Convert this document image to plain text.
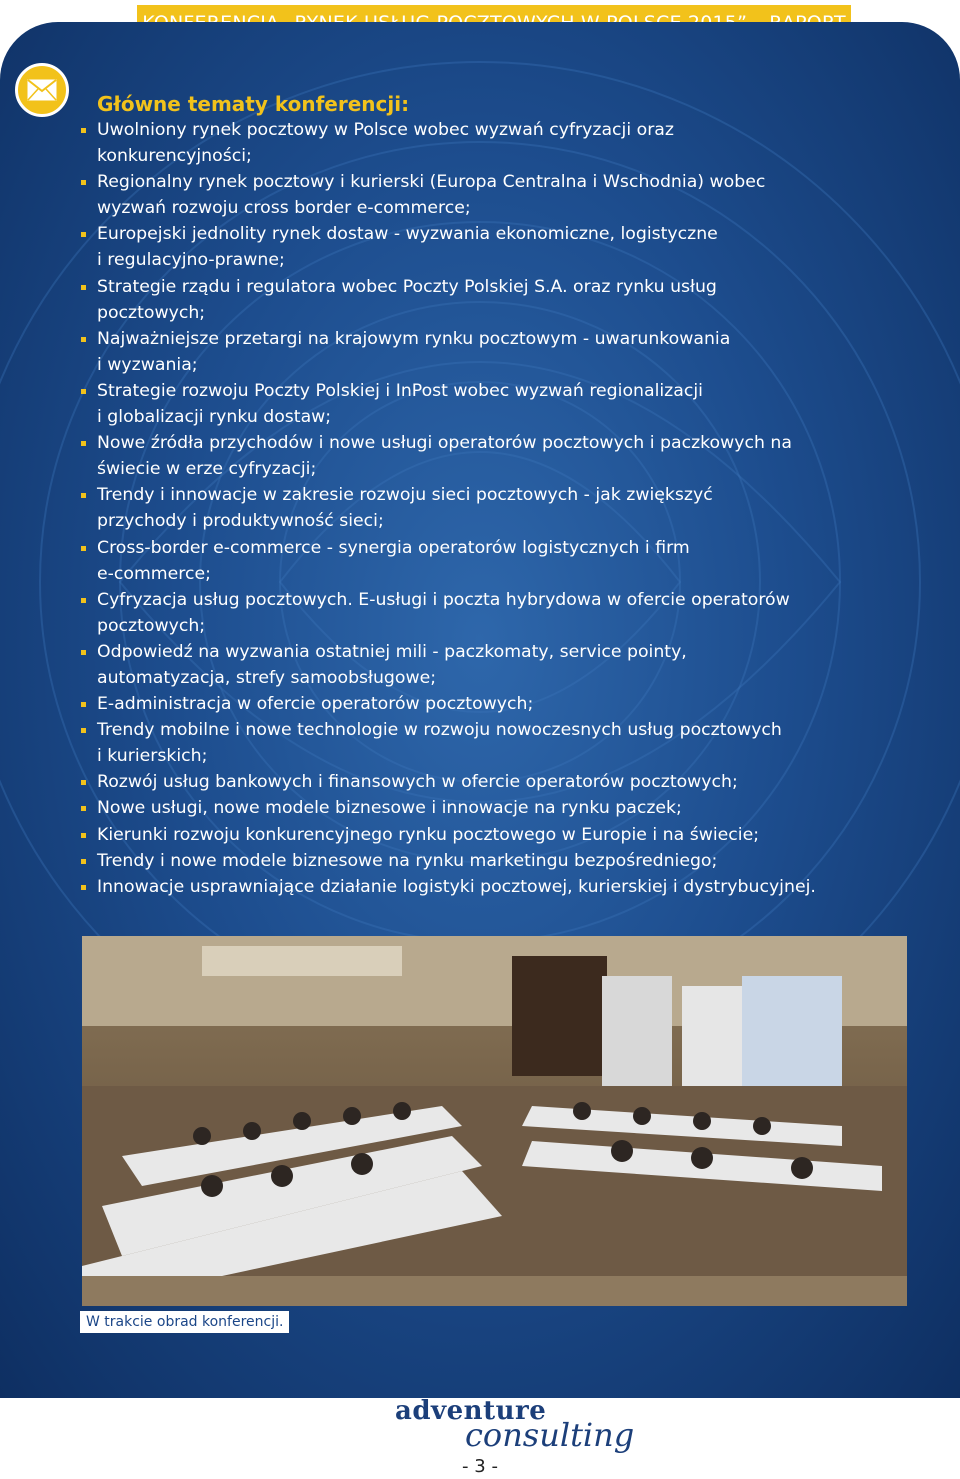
Główne tematy konferencji:
Uwolniony rynek pocztowy w Polsce wobec wyzwań cyfryzacji oraz
konkurencyjności;
Regionalny rynek pocztowy i kurierski (Europa Centralna i Wschodnia) wobec
wyzwań rozwoju cross border e-commerce;
Europejski jednolity rynek dostaw - wyzwania ekonomiczne, logistyczne
i regulacyjno-prawne;
Strategie rządu i regulatora wobec Poczty Polskiej S.A. oraz rynku usług
pocztowych;
Najważniejsze przetargi na krajowym rynku pocztowym - uwarunkowania
i wyzwania;
Strategie rozwoju Poczty Polskiej i InPost wobec wyzwań regionalizacji
i globalizacji rynku dostaw;
Nowe źródła przychodów i nowe usługi operatorów pocztowych i paczkowych na
świecie w erze cyfryzacji;
Trendy i innowacje w zakresie rozwoju sieci pocztowych - jak zwiększyć
przychody i produktywność sieci;
Cross-border e-commerce - synergia operatorów logistycznych i firm
e-commerce;
Cyfryzacja usług pocztowych. E-usługi i poczta hybrydowa w ofercie operatorów
pocztowych;
Odpowiedź na wyzwania ostatniej mili - paczkomaty, service pointy,
automatyzacja, strefy samoobsługowe;
E-administracja w ofercie operatorów pocztowych;
Trendy mobilne i nowe technologie w rozwoju nowoczesnych usług pocztowych
i kurierskich;
Rozwój usług bankowych i finansowych w ofercie operatorów pocztowych;
Nowe usługi, nowe modele biznesowe i innowacje na rynku paczek;
Kierunki rozwoju konkurencyjnego rynku pocztowego w Europie i na świecie;
Trendy i nowe modele biznesowe na rynku marketingu bezpośredniego;
Innowacje usprawniające działanie logistyki pocztowej, kurierskiej i dystrybucyjnej.
W trakcie obrad konferencji.
adventure
consulting
- 3 -
